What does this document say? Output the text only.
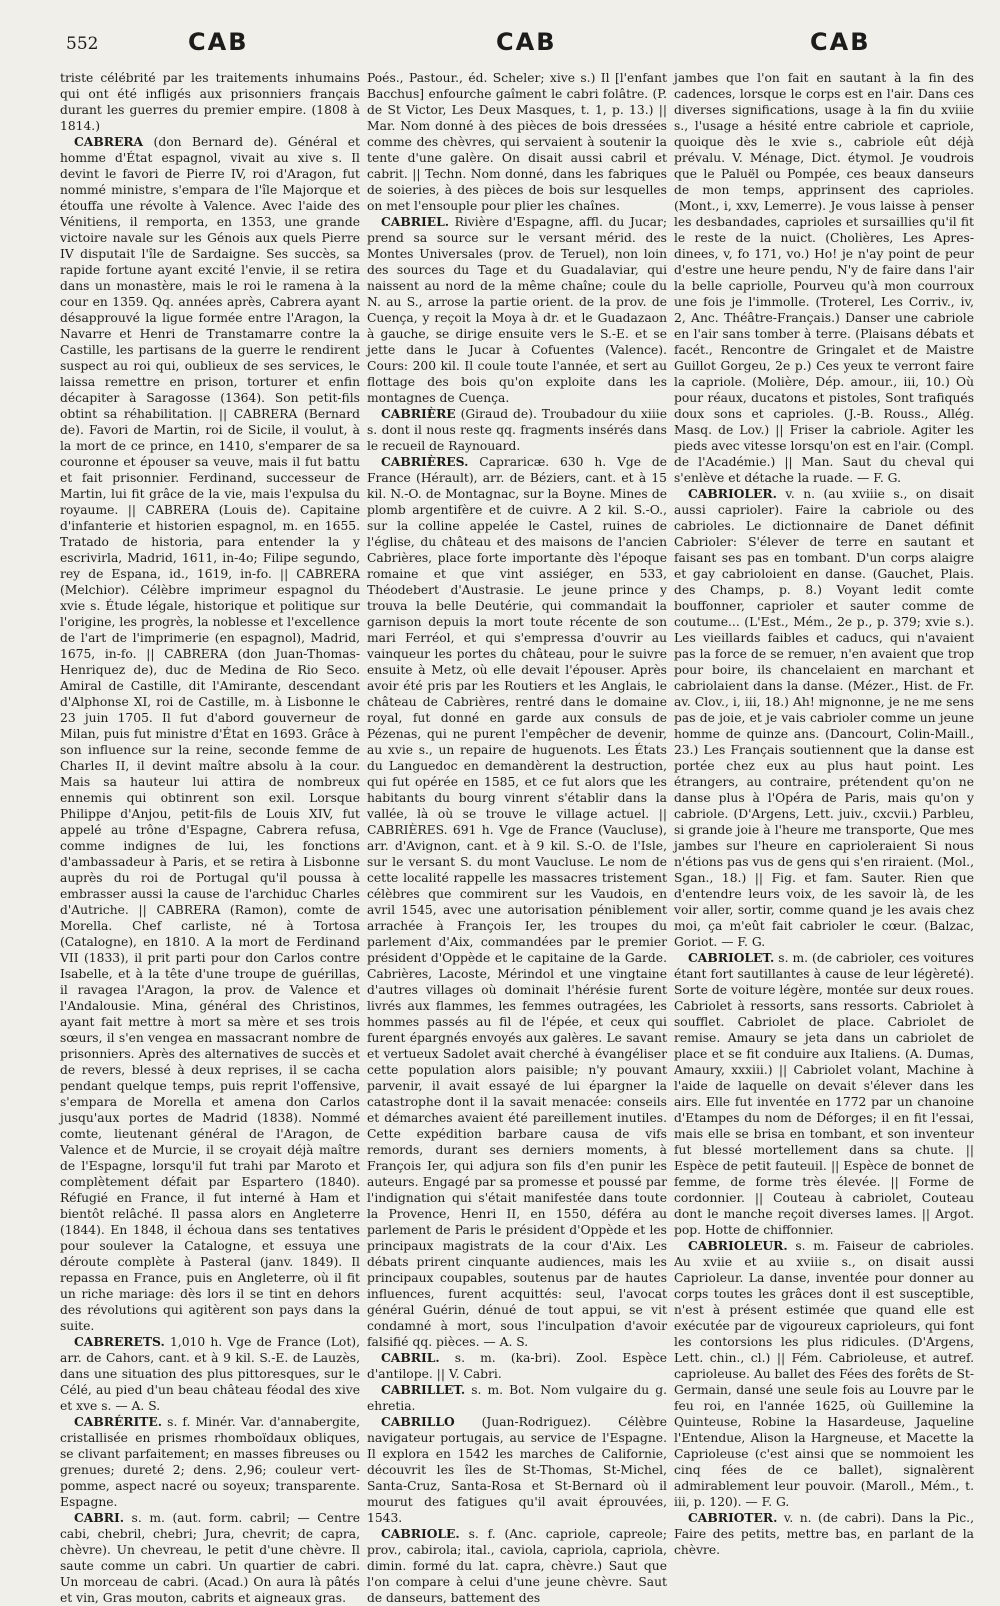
552	CAB	CAB	CAB

triste célébrité par les traitements inhumains qui ont été infligés aux prisonniers français durant les guerres du premier empire. (1808 à 1814.)

CABRERA (don Bernard de). Général et homme d'État espagnol, vivait au xive s. Il devint le favori de Pierre IV, roi d'Aragon, fut nommé ministre, s'empara de l'île Majorque et étouffa une révolte à Valence. Avec l'aide des Vénitiens, il remporta, en 1353, une grande victoire navale sur les Génois aux quels Pierre IV disputait l'île de Sardaigne. Ses succès, sa rapide fortune ayant excité l'envie, il se retira dans un monastère, mais le roi le ramena à la cour en 1359. Qq. années après, Cabrera ayant désapprouvé la ligue formée entre l'Aragon, la Navarre et Henri de Transtamarre contre la Castille, les partisans de la guerre le rendirent suspect au roi qui, oublieux de ses services, le laissa remettre en prison, torturer et enfin décapiter à Saragosse (1364). Son petit-fils obtint sa réhabilitation. || CABRERA (Bernard de). Favori de Martin, roi de Sicile, il voulut, à la mort de ce prince, en 1410, s'emparer de sa couronne et épouser sa veuve, mais il fut battu et fait prisonnier. Ferdinand, successeur de Martin, lui fit grâce de la vie, mais l'expulsa du royaume. || CABRERA (Louis de). Capitaine d'infanterie et historien espagnol, m. en 1655. Tratado de historia, para entender la y escrivirla, Madrid, 1611, in-4o; Filipe segundo, rey de Espana, id., 1619, in-fo. || CABRERA (Melchior). Célèbre imprimeur espagnol du xvie s. Étude légale, historique et politique sur l'origine, les progrès, la noblesse et l'excellence de l'art de l'imprimerie (en espagnol), Madrid, 1675, in-fo. || CABRERA (don Juan-Thomas-Henriquez de), duc de Medina de Rio Seco. Amiral de Castille, dit l'Amirante, descendant d'Alphonse XI, roi de Castille, m. à Lisbonne le 23 juin 1705. Il fut d'abord gouverneur de Milan, puis fut ministre d'État en 1693. Grâce à son influence sur la reine, seconde femme de Charles II, il devint maître absolu à la cour. Mais sa hauteur lui attira de nombreux ennemis qui obtinrent son exil. Lorsque Philippe d'Anjou, petit-fils de Louis XIV, fut appelé au trône d'Espagne, Cabrera refusa, comme indignes de lui, les fonctions d'ambassadeur à Paris, et se retira à Lisbonne auprès du roi de Portugal qu'il poussa à embrasser aussi la cause de l'archiduc Charles d'Autriche. || CABRERA (Ramon), comte de Morella. Chef carliste, né à Tortosa (Catalogne), en 1810. A la mort de Ferdinand VII (1833), il prit parti pour don Carlos contre Isabelle, et à la tête d'une troupe de guérillas, il ravagea l'Aragon, la prov. de Valence et l'Andalousie. Mina, général des Christinos, ayant fait mettre à mort sa mère et ses trois sœurs, il s'en vengea en massacrant nombre de prisonniers. Après des alternatives de succès et de revers, blessé à deux reprises, il se cacha pendant quelque temps, puis reprit l'offensive, s'empara de Morella et amena don Carlos jusqu'aux portes de Madrid (1838). Nommé comte, lieutenant général de l'Aragon, de Valence et de Murcie, il se croyait déjà maître de l'Espagne, lorsqu'il fut trahi par Maroto et complètement défait par Espartero (1840). Réfugié en France, il fut interné à Ham et bientôt relâché. Il passa alors en Angleterre (1844). En 1848, il échoua dans ses tentatives pour soulever la Catalogne, et essuya une déroute complète à Pasteral (janv. 1849). Il repassa en France, puis en Angleterre, où il fit un riche mariage: dès lors il se tint en dehors des révolutions qui agitèrent son pays dans la suite.

CABRERETS. 1,010 h. Vge de France (Lot), arr. de Cahors, cant. et à 9 kil. S.-E. de Lauzès, dans une situation des plus pittoresques, sur le Célé, au pied d'un beau château féodal des xive et xve s. — A. S.

CABRÉRITE. s. f. Minér. Var. d'annabergite, cristallisée en prismes rhomboïdaux obliques, se clivant parfaitement; en masses fibreuses ou grenues; dureté 2; dens. 2,96; couleur vert-pomme, aspect nacré ou soyeux; transparente. Espagne.

CABRI. s. m. (aut. form. cabril; — Centre cabi, chebril, chebri; Jura, chevrit; de capra, chèvre). Un chevreau, le petit d'une chèvre. Il saute comme un cabri. Un quartier de cabri. Un morceau de cabri. (Acad.) On aura là pâtés et vin, Gras mouton, cabrits et aigneaux gras.

Poés., Pastour., éd. Scheler; xive s.) Il [l'enfant Bacchus] enfourche gaîment le cabri folâtre. (P. de St Victor, Les Deux Masques, t. 1, p. 13.) || Mar. Nom donné à des pièces de bois dressées comme des chèvres, qui servaient à soutenir la tente d'une galère. On disait aussi cabril et cabrit. || Techn. Nom donné, dans les fabriques de soieries, à des pièces de bois sur lesquelles on met l'ensouple pour plier les chaînes.

CABRIEL. Rivière d'Espagne, affl. du Jucar; prend sa source sur le versant mérid. des Montes Universales (prov. de Teruel), non loin des sources du Tage et du Guadalaviar, qui naissent au nord de la même chaîne; coule du N. au S., arrose la partie orient. de la prov. de Cuença, y reçoit la Moya à dr. et le Guadazaon à gauche, se dirige ensuite vers le S.-E. et se jette dans le Jucar à Cofuentes (Valence). Cours: 200 kil. Il coule toute l'année, et sert au flottage des bois qu'on exploite dans les montagnes de Cuença.

CABRIÈRE (Giraud de). Troubadour du xiiie s. dont il nous reste qq. fragments insérés dans le recueil de Raynouard.

CABRIÈRES. Capraricæ. 630 h. Vge de France (Hérault), arr. de Béziers, cant. et à 15 kil. N.-O. de Montagnac, sur la Boyne. Mines de plomb argentifère et de cuivre. A 2 kil. S.-O., sur la colline appelée le Castel, ruines de l'église, du château et des maisons de l'ancien Cabrières, place forte importante dès l'époque romaine et que vint assiéger, en 533, Théodebert d'Austrasie. Le jeune prince y trouva la belle Deutérie, qui commandait la garnison depuis la mort toute récente de son mari Ferréol, et qui s'empressa d'ouvrir au vainqueur les portes du château, pour le suivre ensuite à Metz, où elle devait l'épouser. Après avoir été pris par les Routiers et les Anglais, le château de Cabrières, rentré dans le domaine royal, fut donné en garde aux consuls de Pézenas, qui ne purent l'empêcher de devenir, au xvie s., un repaire de huguenots. Les États du Languedoc en demandèrent la destruction, qui fut opérée en 1585, et ce fut alors que les habitants du bourg vinrent s'établir dans la vallée, là où se trouve le village actuel. || CABRIÈRES. 691 h. Vge de France (Vaucluse), arr. d'Avignon, cant. et à 9 kil. S.-O. de l'Isle, sur le versant S. du mont Vaucluse. Le nom de cette localité rappelle les massacres tristement célèbres que commirent sur les Vaudois, en avril 1545, avec une autorisation péniblement arrachée à François Ier, les troupes du parlement d'Aix, commandées par le premier président d'Oppède et le capitaine de la Garde. Cabrières, Lacoste, Mérindol et une vingtaine d'autres villages où dominait l'hérésie furent livrés aux flammes, les femmes outragées, les hommes passés au fil de l'épée, et ceux qui furent épargnés envoyés aux galères. Le savant et vertueux Sadolet avait cherché à évangéliser cette population alors paisible; n'y pouvant parvenir, il avait essayé de lui épargner la catastrophe dont il la savait menacée: conseils et démarches avaient été pareillement inutiles. Cette expédition barbare causa de vifs remords, durant ses derniers moments, à François Ier, qui adjura son fils d'en punir les auteurs. Engagé par sa promesse et poussé par l'indignation qui s'était manifestée dans toute la Provence, Henri II, en 1550, déféra au parlement de Paris le président d'Oppède et les principaux magistrats de la cour d'Aix. Les débats prirent cinquante audiences, mais les principaux coupables, soutenus par de hautes influences, furent acquittés: seul, l'avocat général Guérin, dénué de tout appui, se vit condamné à mort, sous l'inculpation d'avoir falsifié qq. pièces. — A. S.

CABRIL. s. m. (ka-bri). Zool. Espèce d'antilope. || V. Cabri.

CABRILLET. s. m. Bot. Nom vulgaire du g. ehretia.

CABRILLO (Juan-Rodriguez). Célèbre navigateur portugais, au service de l'Espagne. Il explora en 1542 les marches de Californie, découvrit les îles de St-Thomas, St-Michel, Santa-Cruz, Santa-Rosa et St-Bernard où il mourut des fatigues qu'il avait éprouvées, 1543.

CABRIOLE. s. f. (Anc. capriole, capreole; prov., cabirola; ital., caviola, capriola, capriola, dimin. formé du lat. capra, chèvre.) Saut que l'on compare à celui d'une jeune chèvre. Saut de danseurs, battement des

jambes que l'on fait en sautant à la fin des cadences, lorsque le corps est en l'air. Dans ces diverses significations, usage à la fin du xviiie s., l'usage a hésité entre cabriole et capriole, quoique dès le xvie s., cabriole eût déjà prévalu. V. Ménage, Dict. étymol. Je voudrois que le Paluël ou Pompée, ces beaux danseurs de mon temps, apprinsent des caprioles. (Mont., i, xxv, Lemerre). Je vous laisse à penser les desbandades, caprioles et sursaillies qu'il fit le reste de la nuict. (Cholières, Les Apres-dinees, v, fo 171, vo.) Ho! je n'ay point de peur d'estre une heure pendu, N'y de faire dans l'air la belle capriolle, Pourveu qu'à mon courroux une fois je l'immolle. (Troterel, Les Corriv., iv, 2, Anc. Théâtre-Français.) Danser une cabriole en l'air sans tomber à terre. (Plaisans débats et facét., Rencontre de Gringalet et de Maistre Guillot Gorgeu, 2e p.) Ces yeux te verront faire la capriole. (Molière, Dép. amour., iii, 10.) Où pour réaux, ducatons et pistoles, Sont trafiqués doux sons et caprioles. (J.-B. Rouss., Allég. Masq. de Lov.) || Friser la cabriole. Agiter les pieds avec vitesse lorsqu'on est en l'air. (Compl. de l'Académie.) || Man. Saut du cheval qui s'enlève et détache la ruade. — F. G.

CABRIOLER. v. n. (au xviiie s., on disait aussi caprioler). Faire la cabriole ou des cabrioles. Le dictionnaire de Danet définit Cabrioler: S'élever de terre en sautant et faisant ses pas en tombant. D'un corps alaigre et gay cabrioloient en danse. (Gauchet, Plais. des Champs, p. 8.) Voyant ledit comte bouffonner, caprioler et sauter comme de coutume... (L'Est., Mém., 2e p., p. 379; xvie s.). Les vieillards faibles et caducs, qui n'avaient pas la force de se remuer, n'en avaient que trop pour boire, ils chancelaient en marchant et cabriolaient dans la danse. (Mézer., Hist. de Fr. av. Clov., i, iii, 18.) Ah! mignonne, je ne me sens pas de joie, et je vais cabrioler comme un jeune homme de quinze ans. (Dancourt, Colin-Maill., 23.) Les Français soutiennent que la danse est portée chez eux au plus haut point. Les étrangers, au contraire, prétendent qu'on ne danse plus à l'Opéra de Paris, mais qu'on y cabriole. (D'Argens, Lett. juiv., cxcvii.) Parbleu, si grande joie à l'heure me transporte, Que mes jambes sur l'heure en caprioleraient Si nous n'étions pas vus de gens qui s'en riraient. (Mol., Sgan., 18.) || Fig. et fam. Sauter. Rien que d'entendre leurs voix, de les savoir là, de les voir aller, sortir, comme quand je les avais chez moi, ça m'eût fait cabrioler le cœur. (Balzac, Goriot. — F. G.

CABRIOLET. s. m. (de cabrioler, ces voitures étant fort sautillantes à cause de leur légèreté). Sorte de voiture légère, montée sur deux roues. Cabriolet à ressorts, sans ressorts. Cabriolet à soufflet. Cabriolet de place. Cabriolet de remise. Amaury se jeta dans un cabriolet de place et se fit conduire aux Italiens. (A. Dumas, Amaury, xxxiii.) || Cabriolet volant, Machine à l'aide de laquelle on devait s'élever dans les airs. Elle fut inventée en 1772 par un chanoine d'Etampes du nom de Déforges; il en fit l'essai, mais elle se brisa en tombant, et son inventeur fut blessé mortellement dans sa chute. || Espèce de petit fauteuil. || Espèce de bonnet de femme, de forme très élevée. || Forme de cordonnier. || Couteau à cabriolet, Couteau dont le manche reçoit diverses lames. || Argot. pop. Hotte de chiffonnier.

CABRIOLEUR. s. m. Faiseur de cabrioles. Au xviie et au xviiie s., on disait aussi Caprioleur. La danse, inventée pour donner au corps toutes les grâces dont il est susceptible, n'est à présent estimée que quand elle est exécutée par de vigoureux caprioleurs, qui font les contorsions les plus ridicules. (D'Argens, Lett. chin., cl.) || Fém. Cabrioleuse, et autref. caprioleuse. Au ballet des Fées des forêts de St-Germain, dansé une seule fois au Louvre par le feu roi, en l'année 1625, où Guillemine la Quinteuse, Robine la Hasardeuse, Jaqueline l'Entendue, Alison la Hargneuse, et Macette la Caprioleuse (c'est ainsi que se nommoient les cinq fées de ce ballet), signalèrent admirablement leur pouvoir. (Maroll., Mém., t. iii, p. 120). — F. G.

CABRIOTER. v. n. (de cabri). Dans la Pic., Faire des petits, mettre bas, en parlant de la chèvre.
